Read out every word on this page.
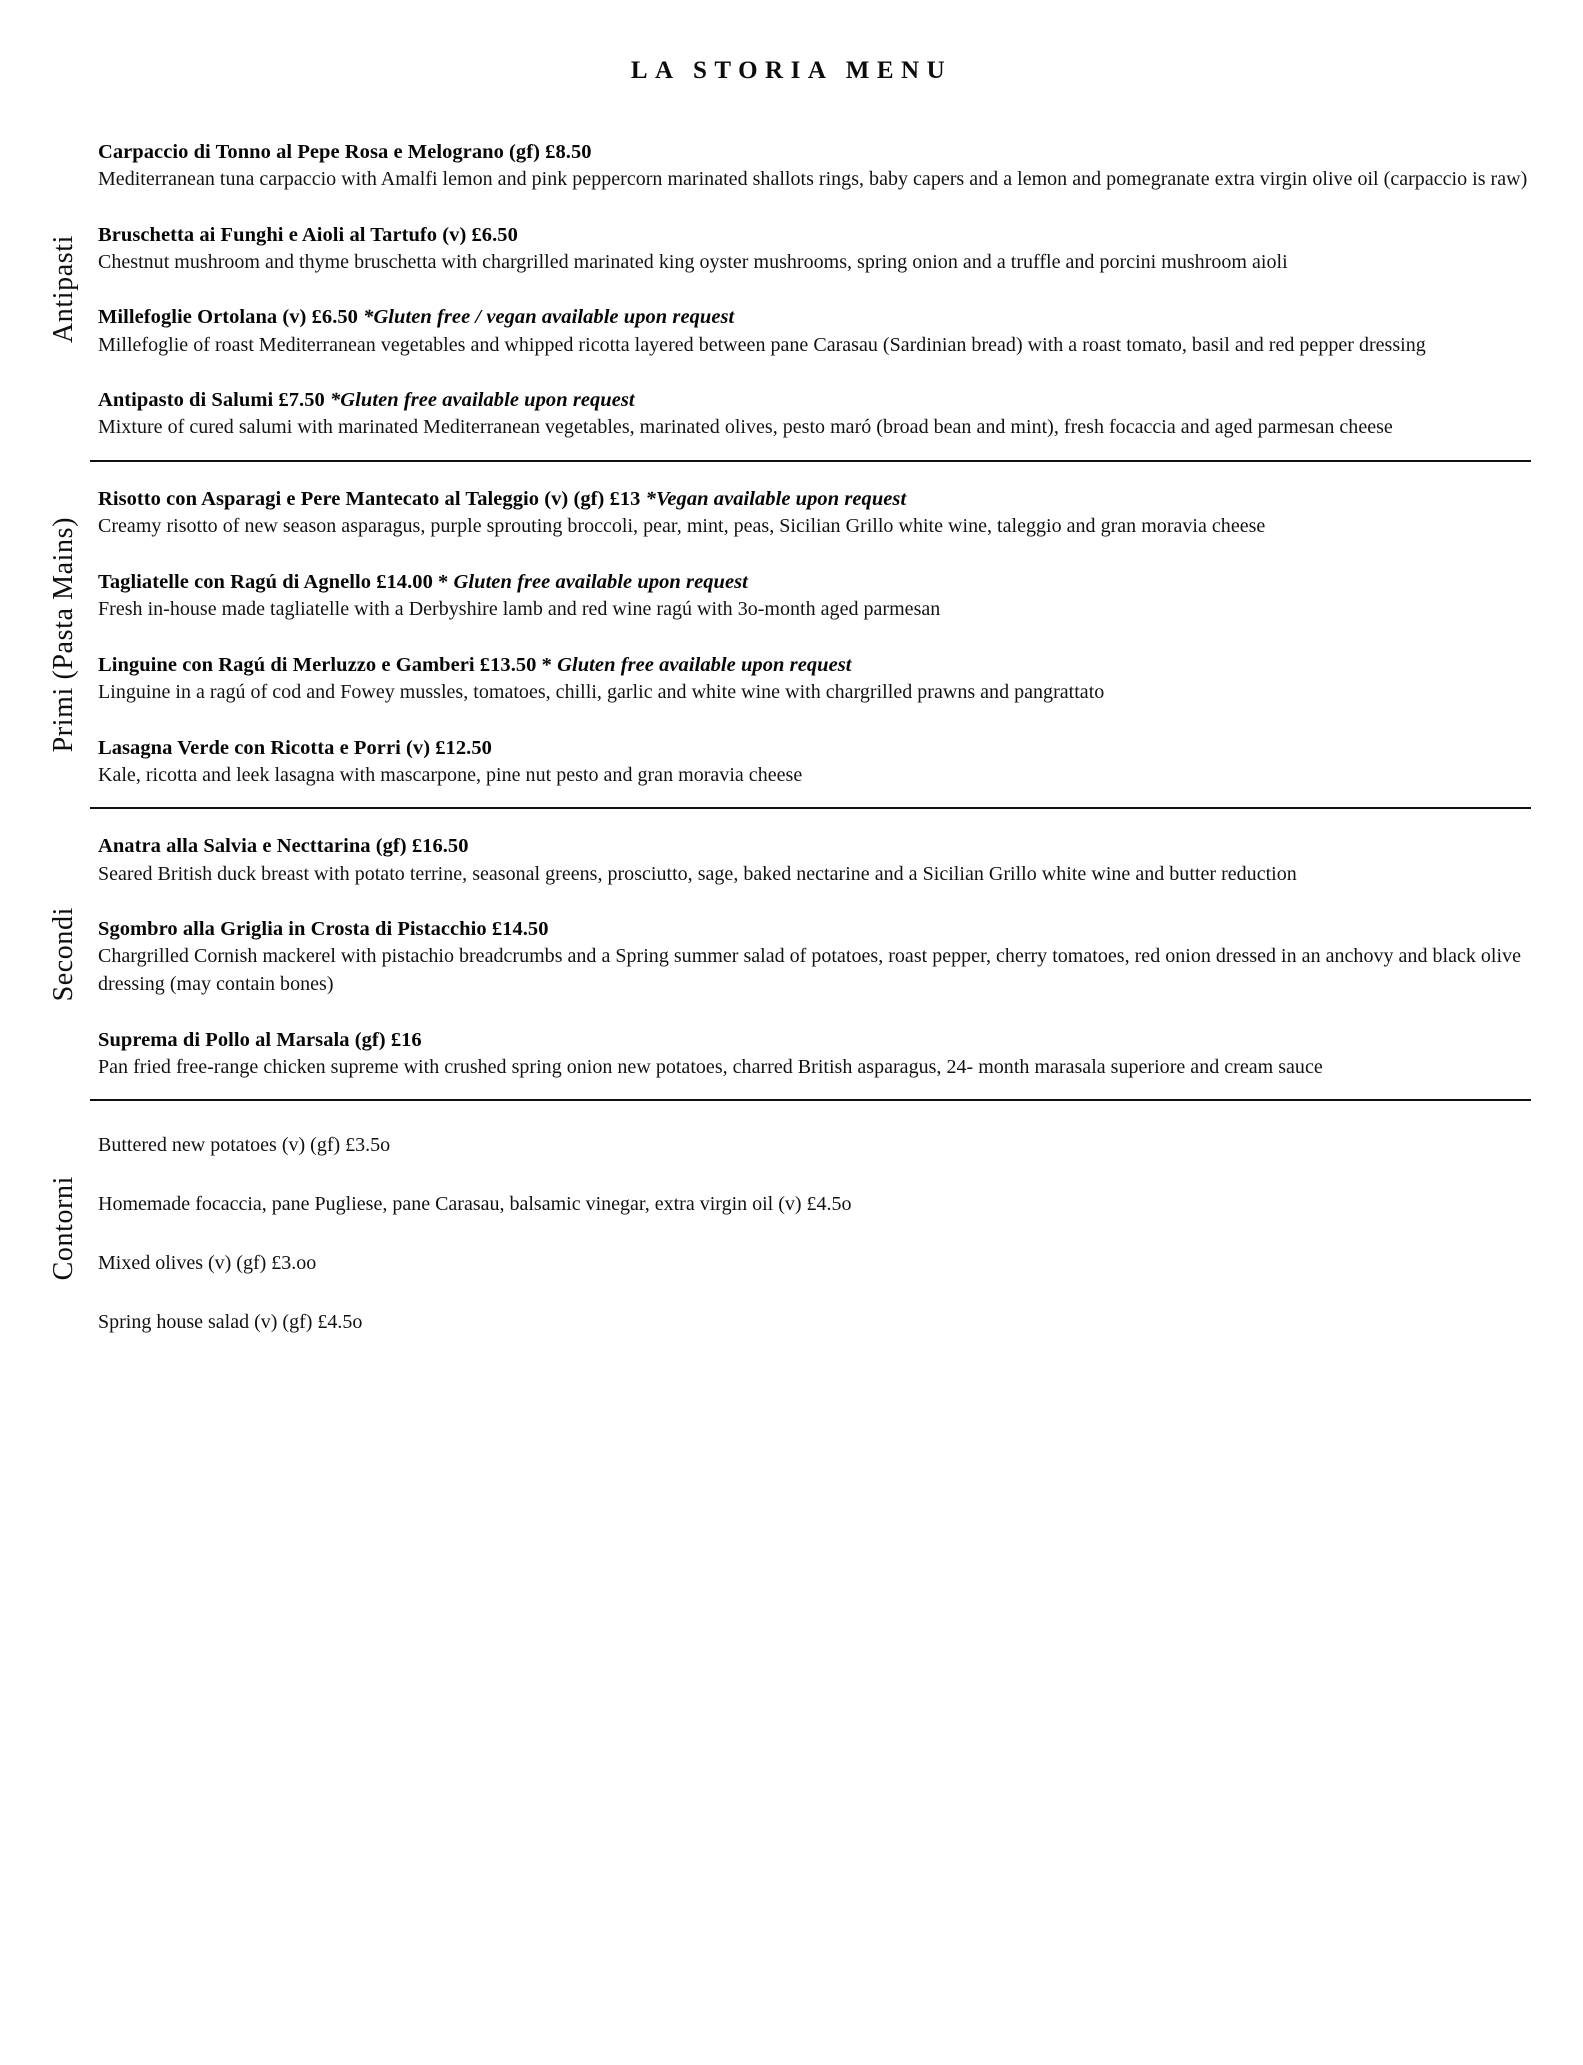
LA STORIA MENU
Antipasti
Carpaccio di Tonno al Pepe Rosa e Melograno (gf) £8.50
Mediterranean tuna carpaccio with Amalfi lemon and pink peppercorn marinated shallots rings, baby capers and a lemon and pomegranate extra virgin olive oil (carpaccio is raw)
Bruschetta ai Funghi e Aioli al Tartufo (v) £6.50
Chestnut mushroom and thyme bruschetta with chargrilled marinated king oyster mushrooms, spring onion and a truffle and porcini mushroom aioli
Millefoglie Ortolana (v) £6.50 *Gluten free / vegan available upon request
Millefoglie of roast Mediterranean vegetables and whipped ricotta layered between pane Carasau (Sardinian bread) with a roast tomato, basil and red pepper dressing
Antipasto di Salumi £7.50 *Gluten free available upon request
Mixture of cured salumi with marinated Mediterranean vegetables, marinated olives, pesto maró (broad bean and mint), fresh focaccia and aged parmesan cheese
Primi (Pasta Mains)
Risotto con Asparagi e Pere Mantecato al Taleggio (v) (gf) £13 *Vegan available upon request
Creamy risotto of new season asparagus, purple sprouting broccoli, pear, mint, peas, Sicilian Grillo white wine, taleggio and gran moravia cheese
Tagliatelle con Ragú di Agnello £14.00 * Gluten free available upon request
Fresh in-house made tagliatelle with a Derbyshire lamb and red wine ragú with 3o-month aged parmesan
Linguine con Ragú di Merluzzo e Gamberi £13.50 * Gluten free available upon request
Linguine in a ragú of cod and Fowey mussles, tomatoes, chilli, garlic and white wine with chargrilled prawns and pangrattato
Lasagna Verde con Ricotta e Porri (v) £12.50
Kale, ricotta and leek lasagna with mascarpone, pine nut pesto and gran moravia cheese
Secondi
Anatra alla Salvia e Necttarina (gf) £16.50
Seared British duck breast with potato terrine, seasonal greens, prosciutto, sage, baked nectarine and a Sicilian Grillo white wine and butter reduction
Sgombro alla Griglia in Crosta di Pistacchio £14.50
Chargrilled Cornish mackerel with pistachio breadcrumbs and a Spring summer salad of potatoes, roast pepper, cherry tomatoes, red onion dressed in an anchovy and black olive dressing (may contain bones)
Suprema di Pollo al Marsala (gf) £16
Pan fried free-range chicken supreme with crushed spring onion new potatoes, charred British asparagus, 24- month marasala superiore and cream sauce
Contorni
Buttered new potatoes (v) (gf) £3.5o
Homemade focaccia, pane Pugliese, pane Carasau, balsamic vinegar, extra virgin oil (v) £4.5o
Mixed olives (v) (gf) £3.oo
Spring house salad (v) (gf) £4.5o
